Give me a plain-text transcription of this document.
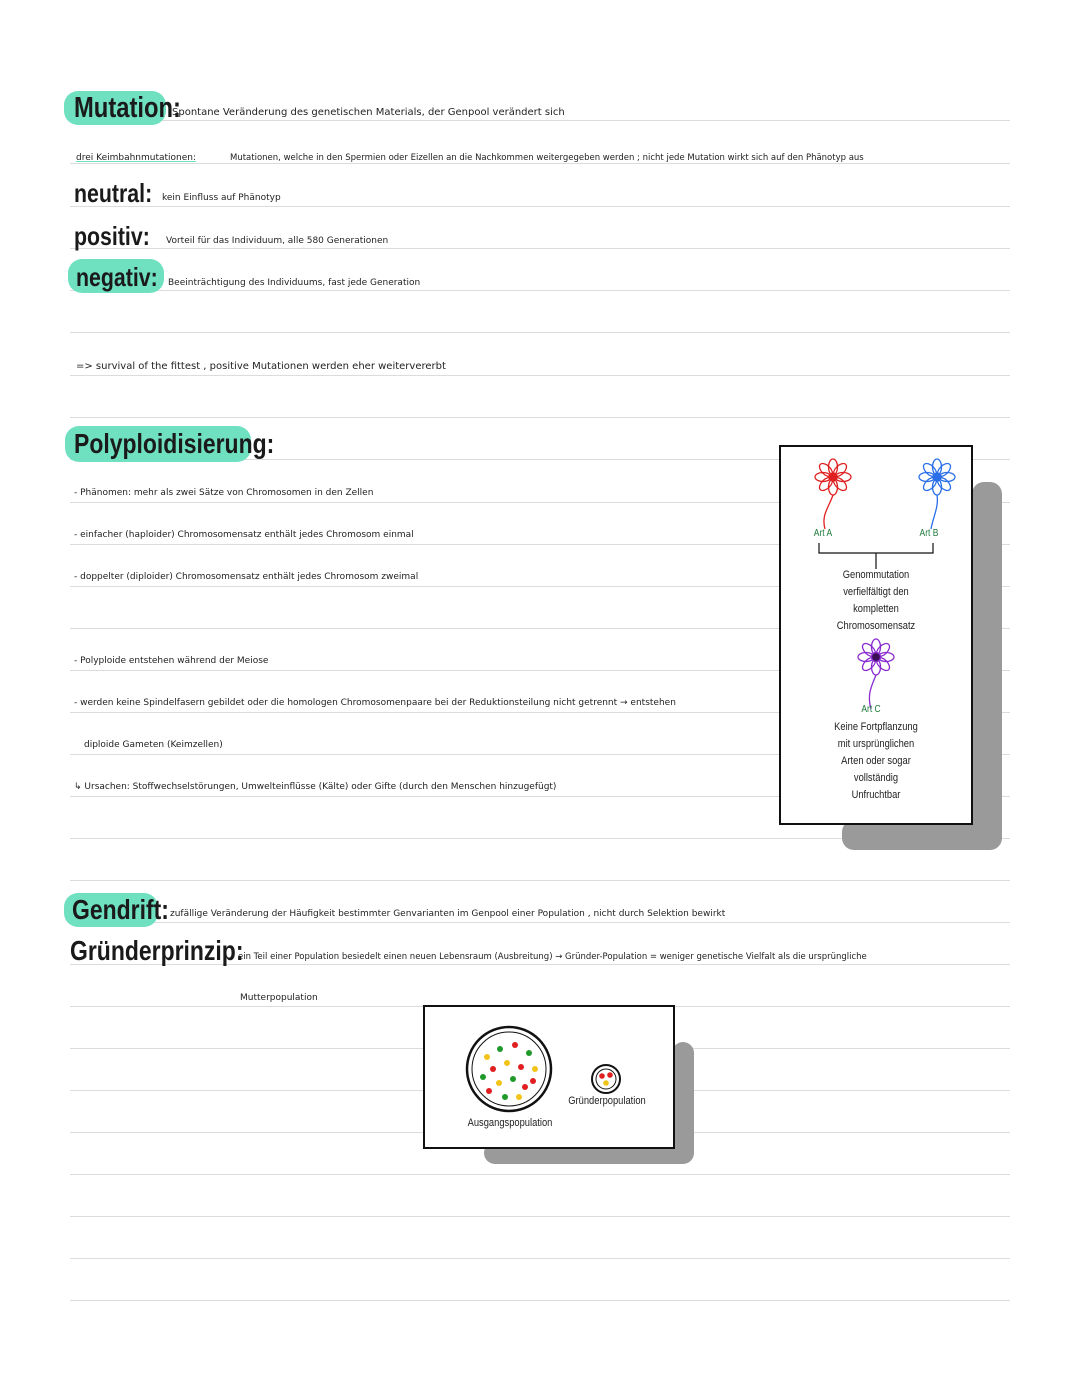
Mutation:
Spontane Veränderung des genetischen Materials, der Genpool verändert sich
drei Keimbahnmutationen:	Mutationen, welche in den Spermien oder Eizellen an die Nachkommen weitergegeben werden ; nicht jede Mutation wirkt sich auf den Phänotyp aus
neutral: kein Einfluss auf Phänotyp
positiv: Vorteil für das Individuum, alle 580 Generationen
negativ: Beeinträchtigung des Individuums, fast jede Generation
=> survival of the fittest , positive Mutationen werden eher weitervererbt
Polyploidisierung:
- Phänomen: mehr als zwei Sätze von Chromosomen in den Zellen
- einfacher (haploider) Chromosomensatz enthält jedes Chromosom einmal
- doppelter (diploider) Chromosomensatz enthält jedes Chromosom zweimal
- Polyploide entstehen während der Meiose
- werden keine Spindelfasern gebildet oder die homologen Chromosomenpaare bei der Reduktionsteilung nicht getrennt → entstehen
diploide Gameten (Keimzellen)
↳ Ursachen: Stoffwechselstörungen, Umwelteinflüsse (Kälte) oder Gifte (durch den Menschen hinzugefügt)
Art A	Art B
Genommutation
verfielfältigt den
kompletten
Chromosomensatz
Art C
Keine Fortpflanzung
mit ursprünglichen
Arten oder sogar
vollständig
Unfruchtbar
Gendrift: zufällige Veränderung der Häufigkeit bestimmter Genvarianten im Genpool einer Population , nicht durch Selektion bewirkt
Gründerprinzip:
ein Teil einer Population besiedelt einen neuen Lebensraum (Ausbreitung) → Gründer-Population = weniger genetische Vielfalt als die ursprüngliche
Mutterpopulation
Ausgangspopulation
Gründerpopulation
